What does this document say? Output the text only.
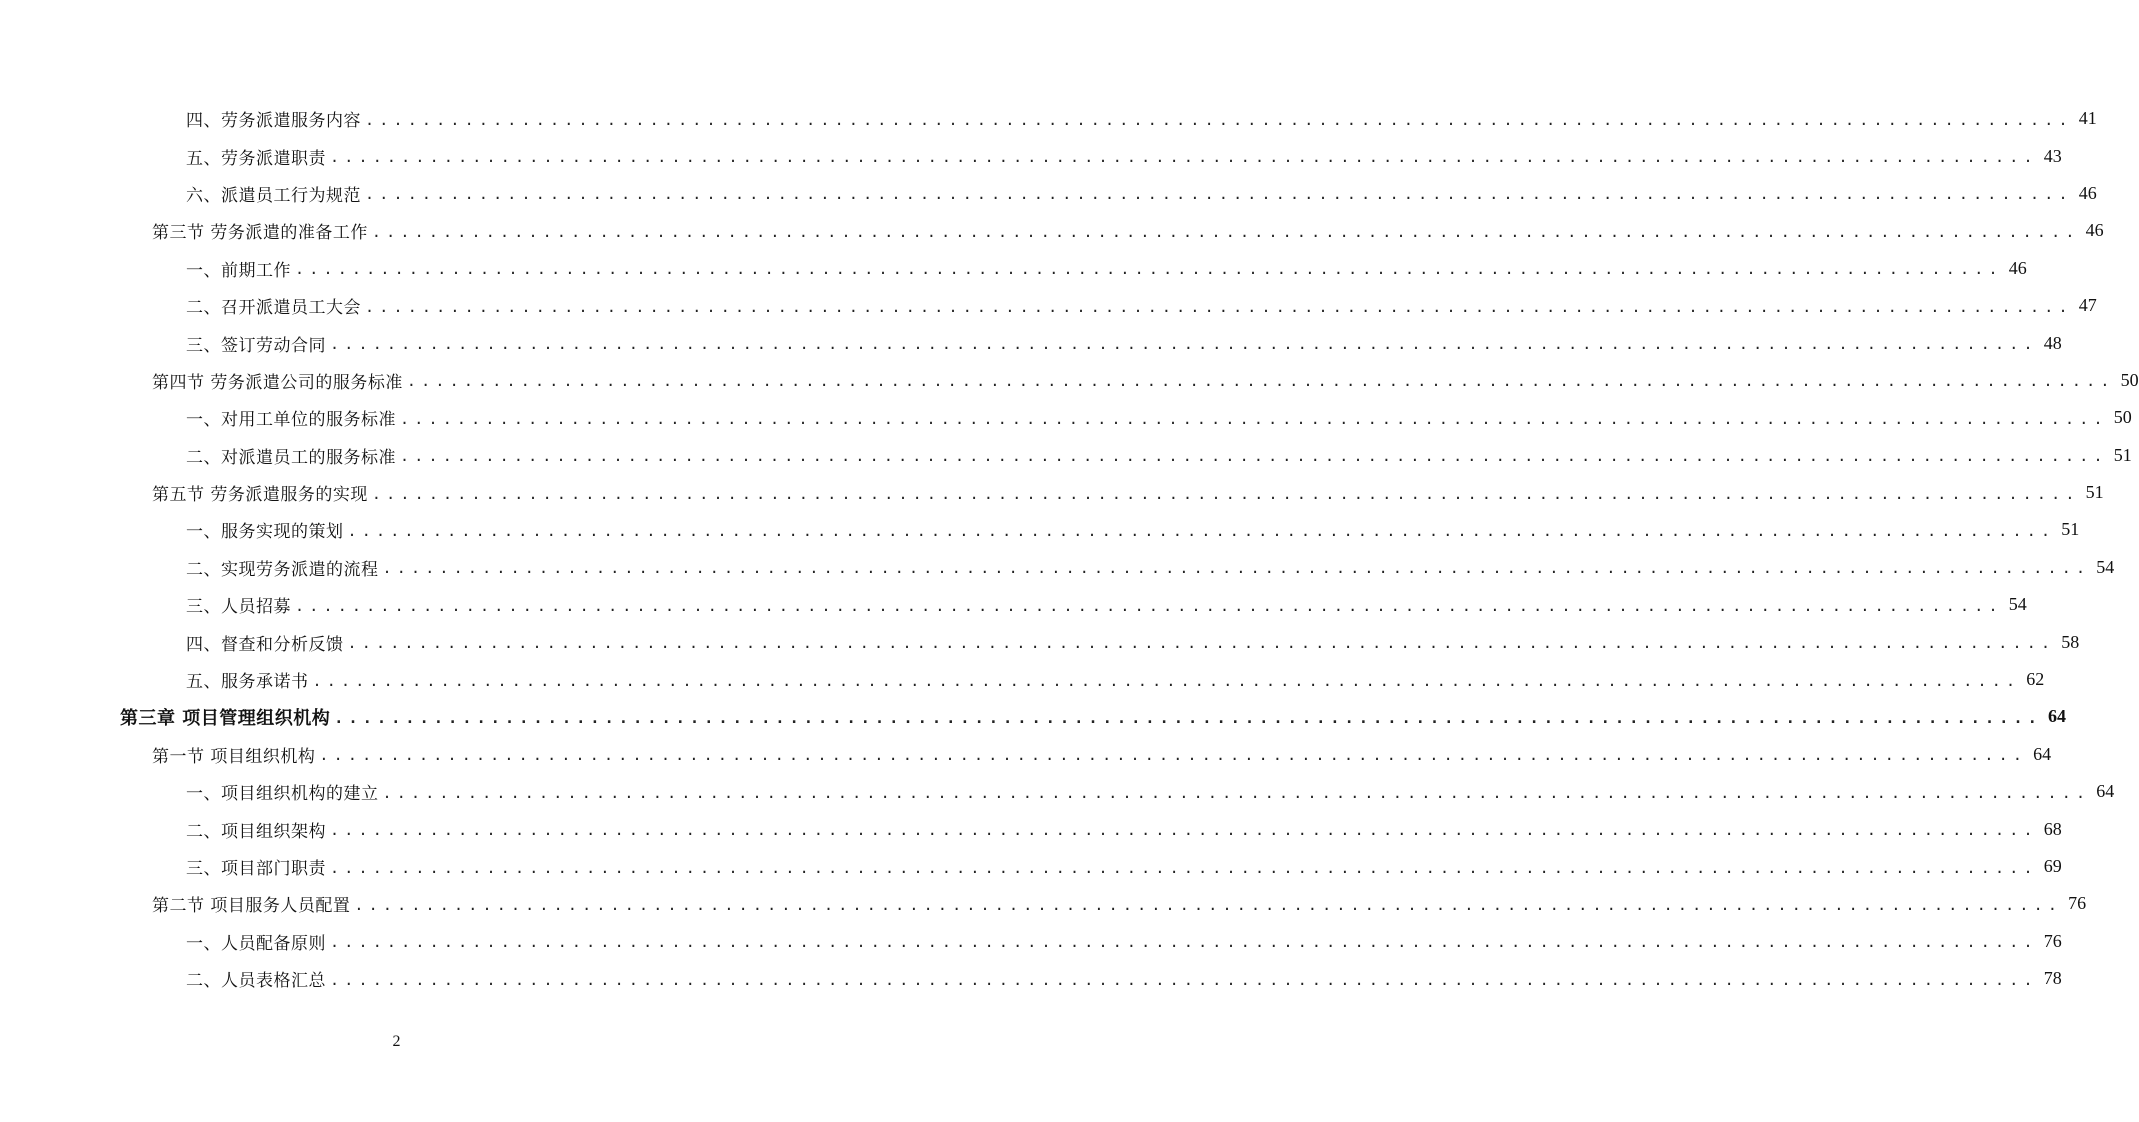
四、劳务派遣服务内容 ........................................................................................................................ 41
五、劳务派遣职责 ........................................................................................................................ 43
六、派遣员工行为规范 ........................................................................................................................ 46
第三节 劳务派遣的准备工作 ........................................................................................................................ 46
一、前期工作 ........................................................................................................................ 46
二、召开派遣员工大会 ........................................................................................................................ 47
三、签订劳动合同 ........................................................................................................................ 48
第四节 劳务派遣公司的服务标准 ........................................................................................................................ 50
一、对用工单位的服务标准 ........................................................................................................................ 50
二、对派遣员工的服务标准 ........................................................................................................................ 51
第五节 劳务派遣服务的实现 ........................................................................................................................ 51
一、服务实现的策划 ........................................................................................................................ 51
二、实现劳务派遣的流程 ........................................................................................................................ 54
三、人员招募 ........................................................................................................................ 54
四、督查和分析反馈 ........................................................................................................................ 58
五、服务承诺书 ........................................................................................................................ 62
第三章 项目管理组织机构 ........................................................................................................................ 64
第一节 项目组织机构 ........................................................................................................................ 64
一、项目组织机构的建立 ........................................................................................................................ 64
二、项目组织架构 ........................................................................................................................ 68
三、项目部门职责 ........................................................................................................................ 69
第二节 项目服务人员配置 ........................................................................................................................ 76
一、人员配备原则 ........................................................................................................................ 76
二、人员表格汇总 ........................................................................................................................ 78
2
